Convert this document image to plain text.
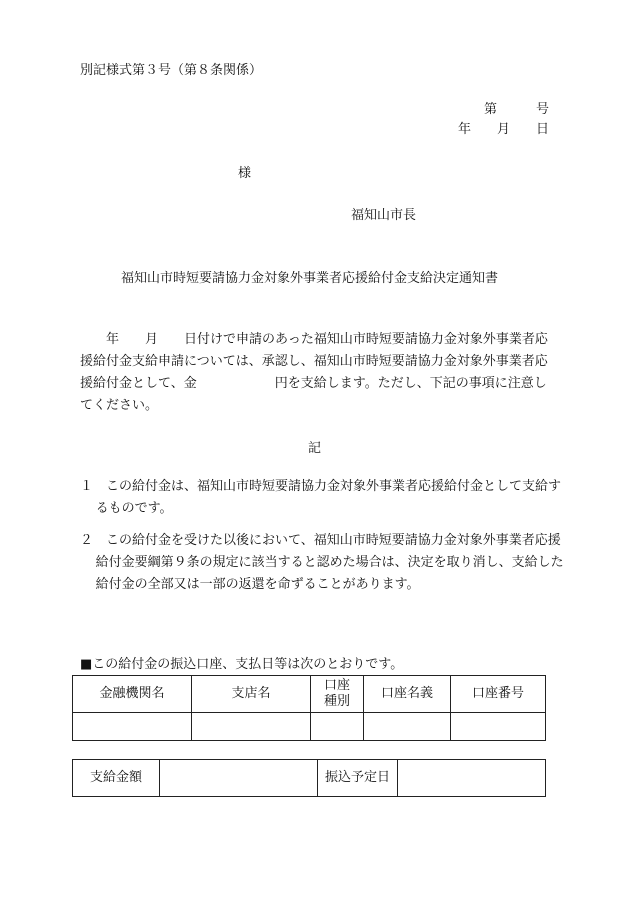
別記様式第３号（第８条関係）
第　　　号
年　　月　　日
様
福知山市長
福知山市時短要請協力金対象外事業者応援給付金支給決定通知書
年　　月　　日付けで申請のあった福知山市時短要請協力金対象外事業者応援給付金支給申請については、承認し、福知山市時短要請協力金対象外事業者応援給付金として、金　　　　　　円を支給します。ただし、下記の事項に注意してください。
記
１　この給付金は、福知山市時短要請協力金対象外事業者応援給付金として支給するものです。
２　この給付金を受けた以後において、福知山市時短要請協力金対象外事業者応援給付金要綱第９条の規定に該当すると認めた場合は、決定を取り消し、支給した給付金の全部又は一部の返還を命ずることがあります。
■この給付金の振込口座、支払日等は次のとおりです。
金融機関名	支店名	口座種別	口座名義	口座番号

支給金額		振込予定日	
